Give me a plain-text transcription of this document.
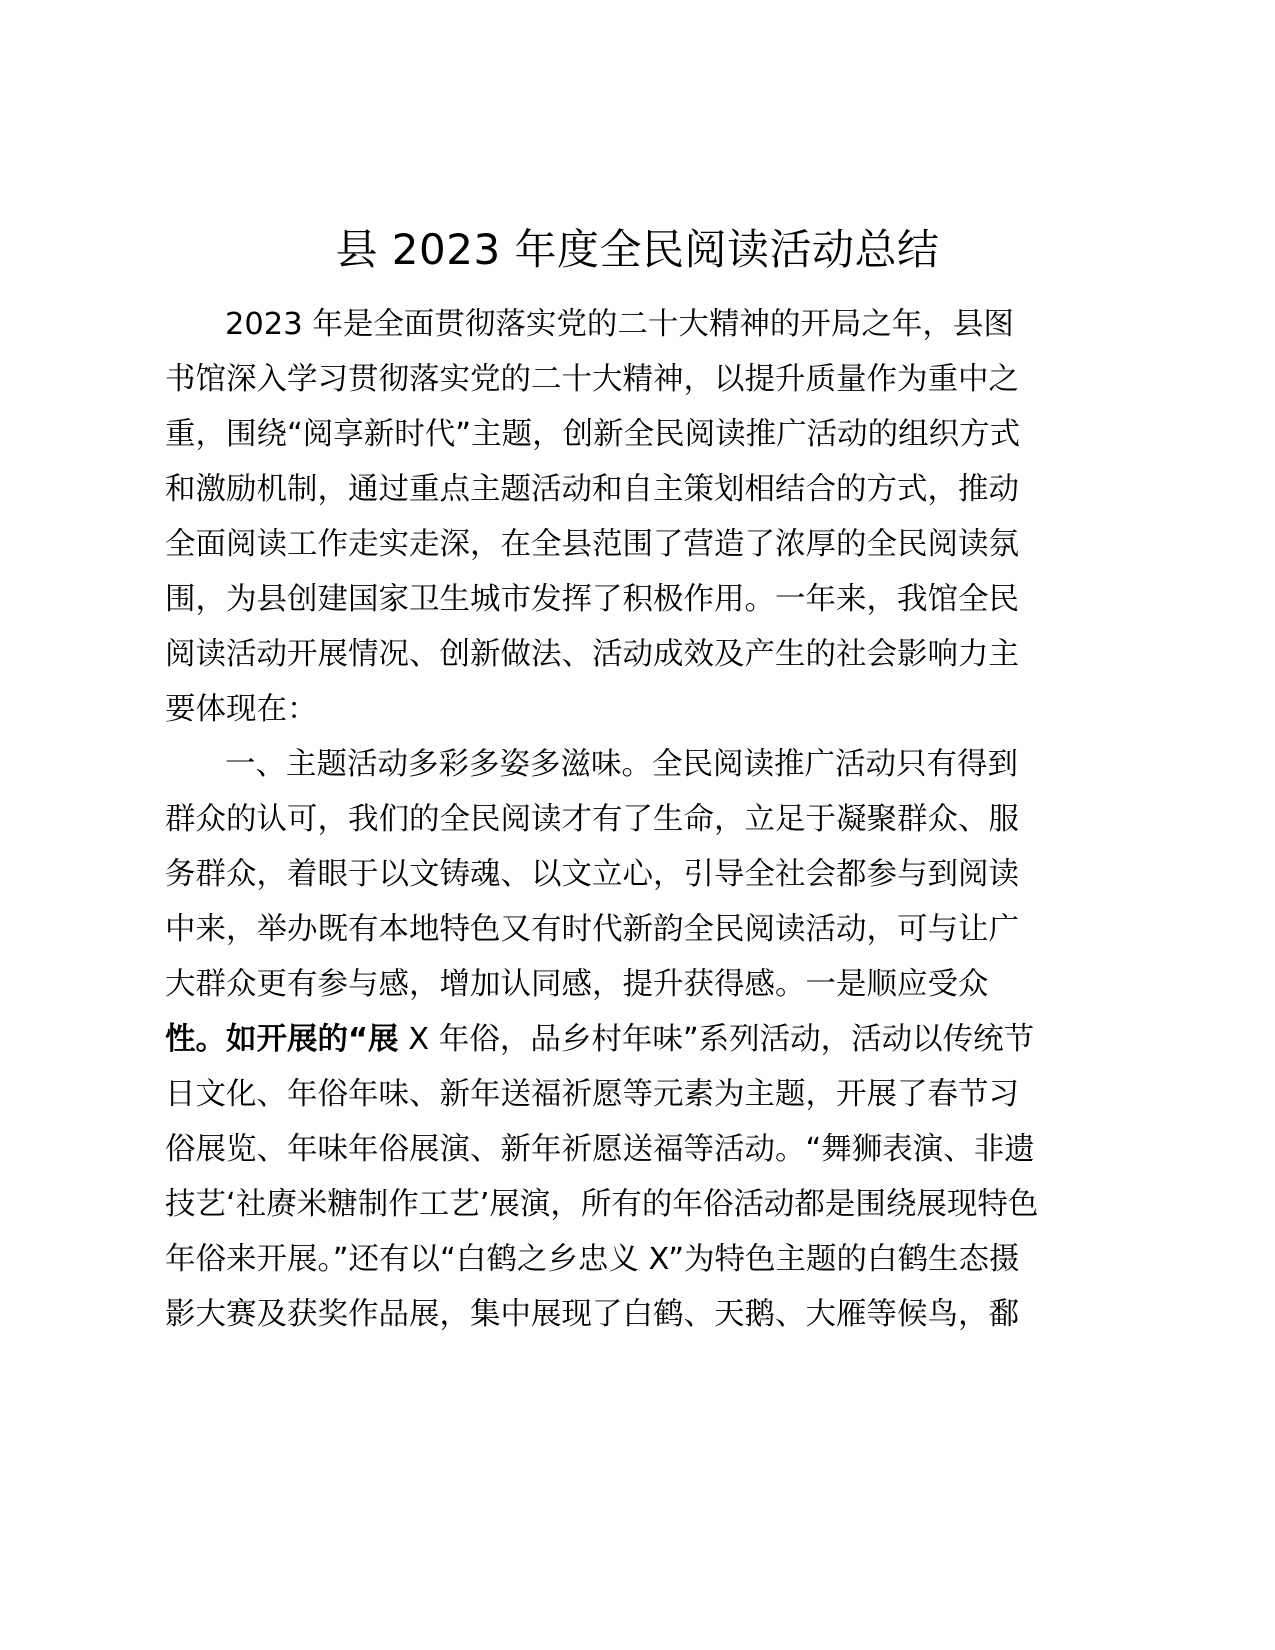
县 2023 年度全民阅读活动总结
2023 年是全面贯彻落实党的二十大精神的开局之年，县图
书馆深入学习贯彻落实党的二十大精神，以提升质量作为重中之
重，围绕“阅享新时代”主题，创新全民阅读推广活动的组织方式
和激励机制，通过重点主题活动和自主策划相结合的方式，推动
全面阅读工作走实走深，在全县范围了营造了浓厚的全民阅读氛
围，为县创建国家卫生城市发挥了积极作用。一年来，我馆全民
阅读活动开展情况、创新做法、活动成效及产生的社会影响力主
要体现在：
一、主题活动多彩多姿多滋味。全民阅读推广活动只有得到
群众的认可，我们的全民阅读才有了生命，立足于凝聚群众、服
务群众，着眼于以文铸魂、以文立心，引导全社会都参与到阅读
中来，举办既有本地特色又有时代新韵全民阅读活动，可与让广
大群众更有参与感，增加认同感，提升获得感。一是顺应受众
性。如开展的“展 X 年俗，品乡村年味”系列活动，活动以传统节
日文化、年俗年味、新年送福祈愿等元素为主题，开展了春节习
俗展览、年味年俗展演、新年祈愿送福等活动。“舞狮表演、非遗
技艺‘社赓米糖制作工艺’展演，所有的年俗活动都是围绕展现特色
年俗来开展。”还有以“白鹤之乡忠义 X”为特色主题的白鹤生态摄
影大赛及获奖作品展，集中展现了白鹤、天鹅、大雁等候鸟，鄱
